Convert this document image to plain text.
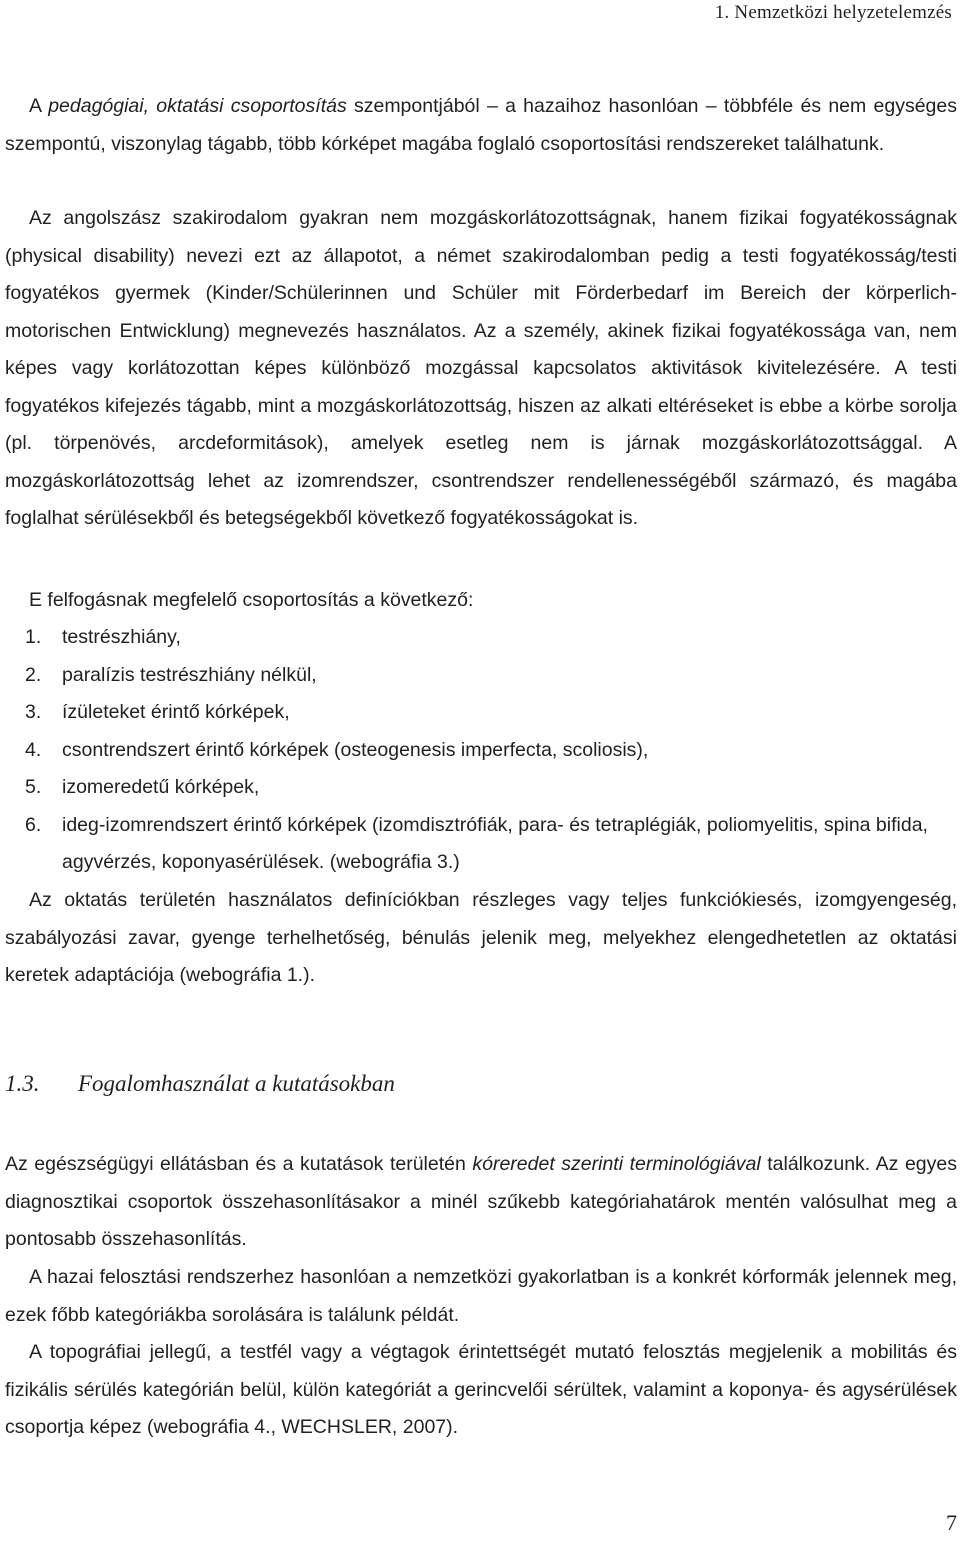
1. Nemzetközi helyzetelemzés

A pedagógiai, oktatási csoportosítás szempontjából – a hazaihoz hasonlóan – többféle és nem egységes szempontú, viszonylag tágabb, több kórképet magába foglaló csoportosítási rendszereket találhatunk.

Az angolszász szakirodalom gyakran nem mozgáskorlátozottságnak, hanem fizikai fogyatékosságnak (physical disability) nevezi ezt az állapotot, a német szakirodalomban pedig a testi fogyatékosság/testi fogyatékos gyermek (Kinder/Schülerinnen und Schüler mit Förderbedarf im Bereich der körperlich-motorischen Entwicklung) megnevezés használatos. Az a személy, akinek fizikai fogyatékossága van, nem képes vagy korlátozottan képes különböző mozgással kapcsolatos aktivitások kivitelezésére. A testi fogyatékos kifejezés tágabb, mint a mozgáskorlátozottság, hiszen az alkati eltéréseket is ebbe a körbe sorolja (pl. törpenövés, arcdeformitások), amelyek esetleg nem is járnak mozgáskorlátozottsággal. A mozgáskorlátozottság lehet az izomrendszer, csontrendszer rendellenességéből származó, és magába foglalhat sérülésekből és betegségekből következő fogyatékosságokat is.

E felfogásnak megfelelő csoportosítás a következő:

1. testrészhiány,
2. paralízis testrészhiány nélkül,
3. ízületeket érintő kórképek,
4. csontrendszert érintő kórképek (osteogenesis imperfecta, scoliosis),
5. izomeredetű kórképek,
6. ideg-izomrendszert érintő kórképek (izomdisztrófiák, para- és tetraplégiák, poliomyelitis, spina bifida, agyvérzés, koponyasérülések. (webográfia 3.)

Az oktatás területén használatos definíciókban részleges vagy teljes funkciókiesés, izomgyengeség, szabályozási zavar, gyenge terhelhetőség, bénulás jelenik meg, melyekhez elengedhetetlen az oktatási keretek adaptációja (webográfia 1.).

1.3. Fogalomhasználat a kutatásokban

Az egészségügyi ellátásban és a kutatások területén kóreredet szerinti terminológiával találkozunk. Az egyes diagnosztikai csoportok összehasonlításakor a minél szűkebb kategóriahatárok mentén valósulhat meg a pontosabb összehasonlítás.

A hazai felosztási rendszerhez hasonlóan a nemzetközi gyakorlatban is a konkrét kórformák jelennek meg, ezek főbb kategóriákba sorolására is találunk példát.

A topográfiai jellegű, a testfél vagy a végtagok érintettségét mutató felosztás megjelenik a mobilitás és fizikális sérülés kategórián belül, külön kategóriát a gerincvelői sérültek, valamint a koponya- és agysérülések csoportja képez (webográfia 4., WECHSLER, 2007).

7
